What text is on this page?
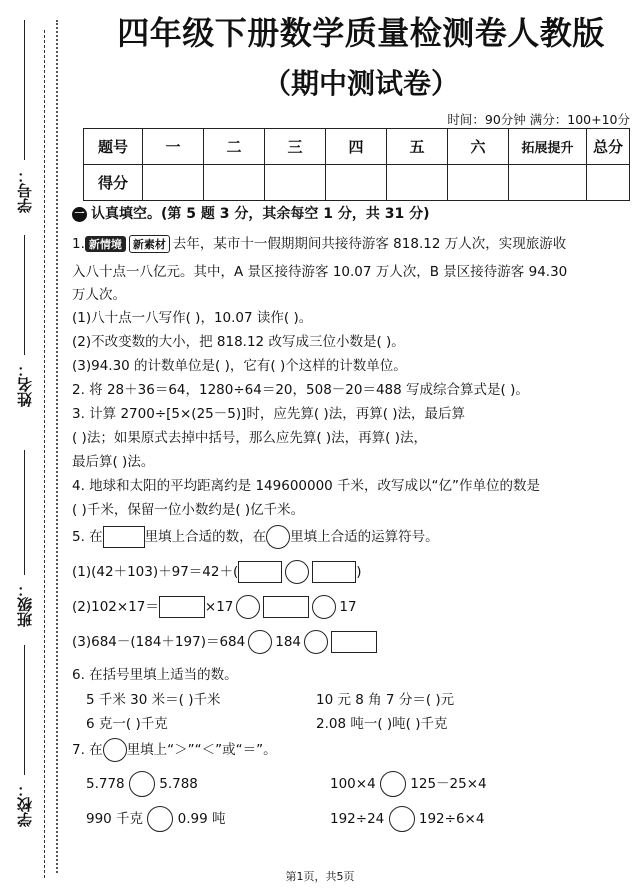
学号：
姓名：
班级：
学校：
四年级下册数学质量检测卷人教版
（期中测试卷）
时间：90分钟 满分：100+10分
题号	一	二	三	四	五	六	拓展提升	总分
得分								
一 认真填空。(第 5 题 3 分，其余每空 1 分，共 31 分)
1. 新情境 新素材 去年，某市十一假期期间共接待游客 818.12 万人次，实现旅游收
入八十点一八亿元。其中，A 景区接待游客 10.07 万人次，B 景区接待游客 94.30
万人次。
(1)八十点一八写作( )，10.07 读作( )。
(2)不改变数的大小，把 818.12 改写成三位小数是( )。
(3)94.30 的计数单位是( )，它有( )个这样的计数单位。
2. 将 28＋36＝64，1280÷64＝20，508－20＝488 写成综合算式是( )。
3. 计算 2700÷[5×(25－5)]时，应先算( )法，再算( )法，最后算
( )法；如果原式去掉中括号，那么应先算( )法，再算( )法，
最后算( )法。
4. 地球和太阳的平均距离约是 149600000 千米，改写成以“亿”作单位的数是
( )千米，保留一位小数约是( )亿千米。
5. 在	里填上合适的数，在 里填上合适的运算符号。
(1)(42＋103)＋97＝42＋(	)
(2)102×17＝	×17	17
(3)684－(184＋197)＝684 184
6. 在括号里填上适当的数。
5 千米 30 米＝( )千米	10 元 8 角 7 分＝( )元
6 克一( )千克	2.08 吨一( )吨( )千克
7. 在 里填上“＞”“＜”或“＝”。
5.778	5.788	100×4	125－25×4
990 千克	0.99 吨	192÷24	192÷6×4
第1页，共5页
